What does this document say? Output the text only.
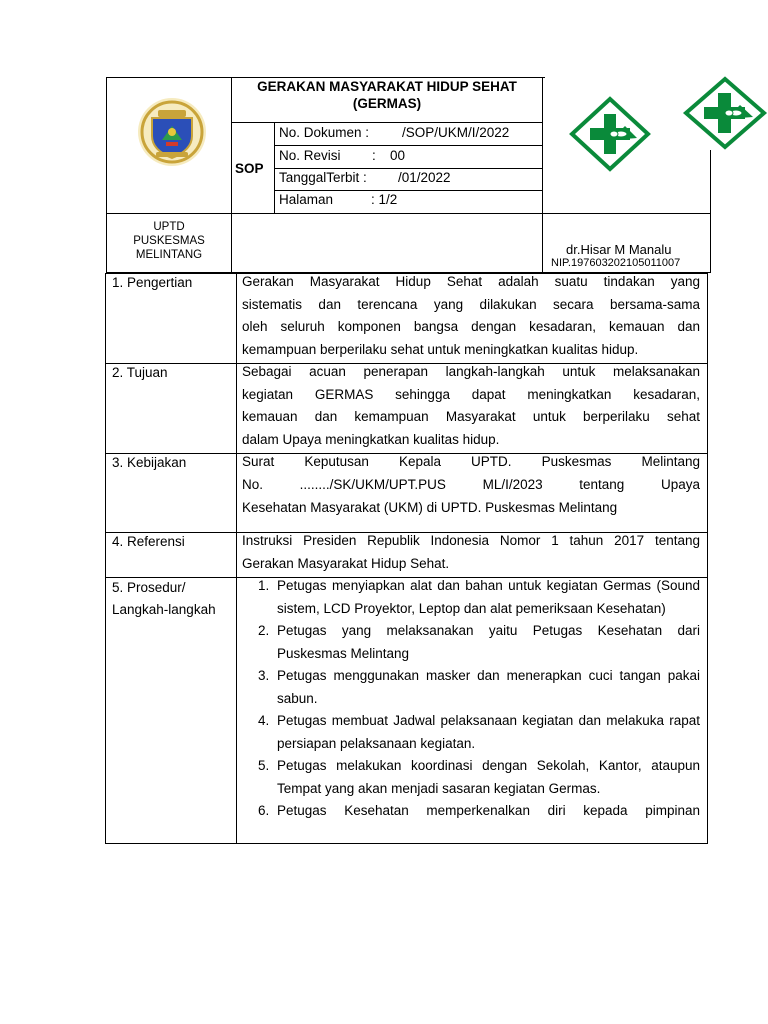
GERAKAN MASYARAKAT HIDUP SEHAT
(GERMAS)
SOP
No. Dokumen : /SOP/UKM/I/2022
No. Revisi : 00
TanggalTerbit : /01/2022
Halaman	: 1/2
UPTD
PUSKESMAS
MELINTANG	dr.Hisar M Manalu
NIP.197603202105011007
1. Pengertian	Gerakan Masyarakat Hidup Sehat adalah suatu tindakan yang
sistematis dan terencana yang dilakukan secara bersama-sama
oleh seluruh komponen bangsa dengan kesadaran, kemauan dan
kemampuan berperilaku sehat untuk meningkatkan kualitas hidup.
2. Tujuan	Sebagai acuan penerapan langkah-langkah untuk melaksanakan
kegiatan GERMAS sehingga dapat meningkatkan kesadaran,
kemauan dan kemampuan Masyarakat untuk berperilaku sehat
dalam Upaya meningkatkan kualitas hidup.
3. Kebijakan	Surat Keputusan Kepala UPTD. Puskesmas Melintang
No. ......../SK/UKM/UPT.PUS ML/I/2023 tentang Upaya
Kesehatan Masyarakat (UKM) di UPTD. Puskesmas Melintang
4. Referensi	Instruksi Presiden Republik Indonesia Nomor 1 tahun 2017 tentang
Gerakan Masyarakat Hidup Sehat.
5. Prosedur/
Langkah-langkah
1. Petugas menyiapkan alat dan bahan untuk kegiatan Germas (Sound sistem, LCD Proyektor, Leptop dan alat pemeriksaan Kesehatan)
2. Petugas yang melaksanakan yaitu Petugas Kesehatan dari Puskesmas Melintang
3. Petugas menggunakan masker dan menerapkan cuci tangan pakai sabun.
4. Petugas membuat Jadwal pelaksanaan kegiatan dan melakuka rapat persiapan pelaksanaan kegiatan.
5. Petugas melakukan koordinasi dengan Sekolah, Kantor, ataupun Tempat yang akan menjadi sasaran kegiatan Germas.
6. Petugas Kesehatan memperkenalkan diri kepada pimpinan
